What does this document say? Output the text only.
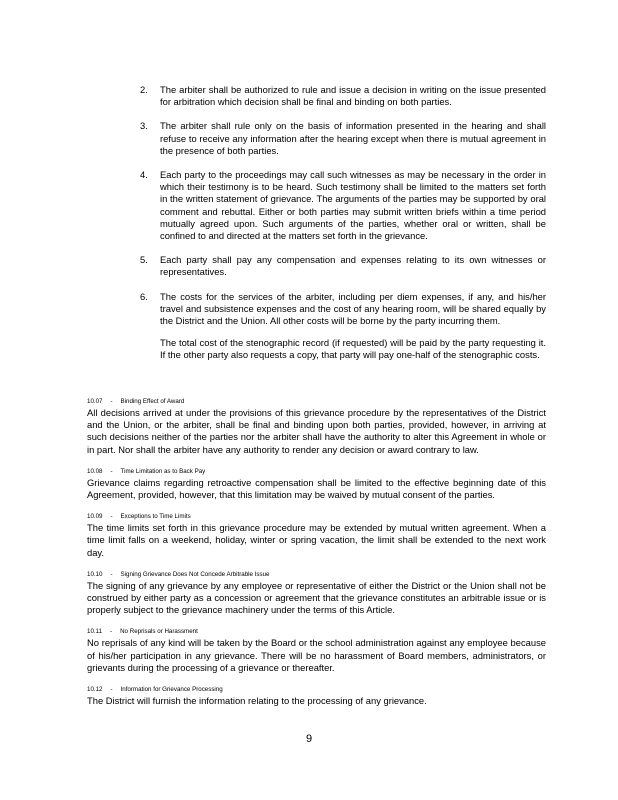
2. The arbiter shall be authorized to rule and issue a decision in writing on the issue presented for arbitration which decision shall be final and binding on both parties.

3. The arbiter shall rule only on the basis of information presented in the hearing and shall refuse to receive any information after the hearing except when there is mutual agreement in the presence of both parties.

4. Each party to the proceedings may call such witnesses as may be necessary in the order in which their testimony is to be heard. Such testimony shall be limited to the matters set forth in the written statement of grievance. The arguments of the parties may be supported by oral comment and rebuttal. Either or both parties may submit written briefs within a time period mutually agreed upon. Such arguments of the parties, whether oral or written, shall be confined to and directed at the matters set forth in the grievance.

5. Each party shall pay any compensation and expenses relating to its own witnesses or representatives.

6. The costs for the services of the arbiter, including per diem expenses, if any, and his/her travel and subsistence expenses and the cost of any hearing room, will be shared equally by the District and the Union. All other costs will be borne by the party incurring them.

The total cost of the stenographic record (if requested) will be paid by the party requesting it. If the other party also requests a copy, that party will pay one-half of the stenographic costs.

10.07 - Binding Effect of Award

All decisions arrived at under the provisions of this grievance procedure by the representatives of the District and the Union, or the arbiter, shall be final and binding upon both parties, provided, however, in arriving at such decisions neither of the parties nor the arbiter shall have the authority to alter this Agreement in whole or in part. Nor shall the arbiter have any authority to render any decision or award contrary to law.

10.08 - Time Limitation as to Back Pay

Grievance claims regarding retroactive compensation shall be limited to the effective beginning date of this Agreement, provided, however, that this limitation may be waived by mutual consent of the parties.

10.09 - Exceptions to Time Limits

The time limits set forth in this grievance procedure may be extended by mutual written agreement. When a time limit falls on a weekend, holiday, winter or spring vacation, the limit shall be extended to the next work day.

10.10 - Signing Grievance Does Not Concede Arbitrable Issue

The signing of any grievance by any employee or representative of either the District or the Union shall not be construed by either party as a concession or agreement that the grievance constitutes an arbitrable issue or is properly subject to the grievance machinery under the terms of this Article.

10.11 - No Reprisals or Harassment

No reprisals of any kind will be taken by the Board or the school administration against any employee because of his/her participation in any grievance. There will be no harassment of Board members, administrators, or grievants during the processing of a grievance or thereafter.

10.12 - Information for Grievance Processing

The District will furnish the information relating to the processing of any grievance.

9
